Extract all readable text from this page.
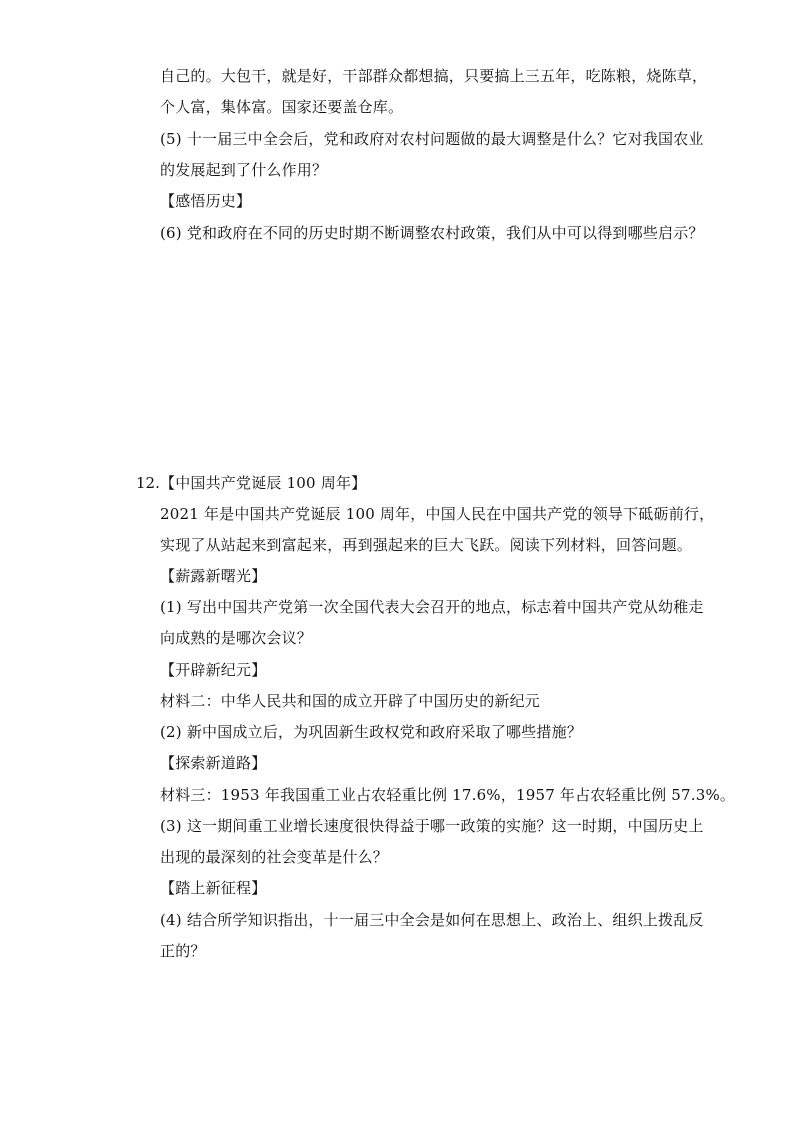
自己的。大包干，就是好，干部群众都想搞，只要搞上三五年，吃陈粮，烧陈草，
个人富，集体富。国家还要盖仓库。
(5) 十一届三中全会后，党和政府对农村问题做的最大调整是什么？它对我国农业
的发展起到了什么作用？
【感悟历史】
(6) 党和政府在不同的历史时期不断调整农村政策，我们从中可以得到哪些启示？
12. 【中国共产党诞辰 100 周年】
2021 年是中国共产党诞辰 100 周年，中国人民在中国共产党的领导下砥砺前行，
实现了从站起来到富起来，再到强起来的巨大飞跃。阅读下列材料，回答问题。
【薪露新曙光】
(1) 写出中国共产党第一次全国代表大会召开的地点，标志着中国共产党从幼稚走
向成熟的是哪次会议？
【开辟新纪元】
材料二：中华人民共和国的成立开辟了中国历史的新纪元
(2) 新中国成立后，为巩固新生政权党和政府采取了哪些措施？
【探索新道路】
材料三：1953 年我国重工业占农轻重比例 17.6%，1957 年占农轻重比例 57.3%。
(3) 这一期间重工业增长速度很快得益于哪一政策的实施？这一时期，中国历史上
出现的最深刻的社会变革是什么？
【踏上新征程】
(4) 结合所学知识指出，十一届三中全会是如何在思想上、政治上、组织上拨乱反
正的？
